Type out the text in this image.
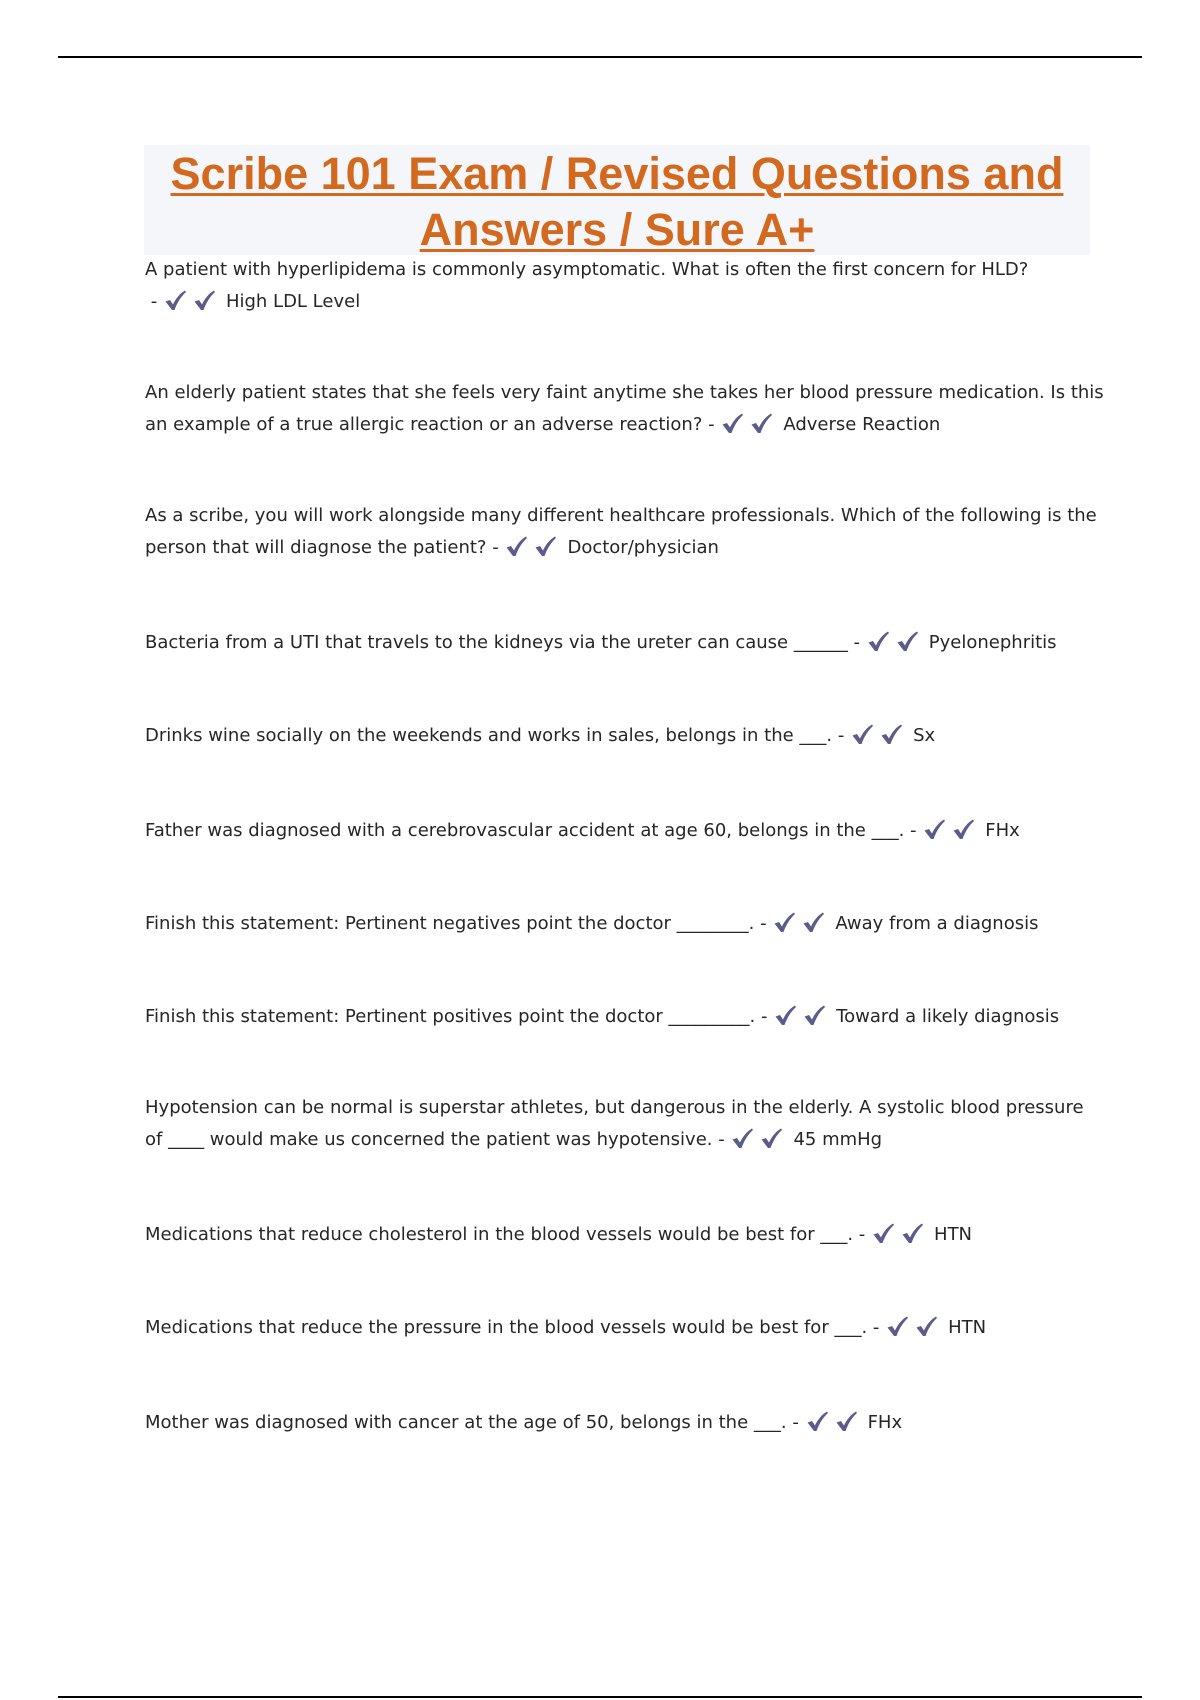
Scribe 101 Exam / Revised Questions and Answers / Sure A+

A patient with hyperlipidema is commonly asymptomatic. What is often the first concern for HLD? -	High LDL Level

An elderly patient states that she feels very faint anytime she takes her blood pressure medication. Is this an example of a true allergic reaction or an adverse reaction? -	Adverse Reaction

As a scribe, you will work alongside many different healthcare professionals. Which of the following is the person that will diagnose the patient? -	Doctor/physician

Bacteria from a UTI that travels to the kidneys via the ureter can cause ______ -	Pyelonephritis

Drinks wine socially on the weekends and works in sales, belongs in the ___. -	Sx

Father was diagnosed with a cerebrovascular accident at age 60, belongs in the ___. -	FHx

Finish this statement: Pertinent negatives point the doctor ________. -	Away from a diagnosis

Finish this statement: Pertinent positives point the doctor _________. -	Toward a likely diagnosis

Hypotension can be normal is superstar athletes, but dangerous in the elderly. A systolic blood pressure of ____ would make us concerned the patient was hypotensive. -	45 mmHg

Medications that reduce cholesterol in the blood vessels would be best for ___. -	HTN

Medications that reduce the pressure in the blood vessels would be best for ___. -	HTN

Mother was diagnosed with cancer at the age of 50, belongs in the ___. -	FHx
